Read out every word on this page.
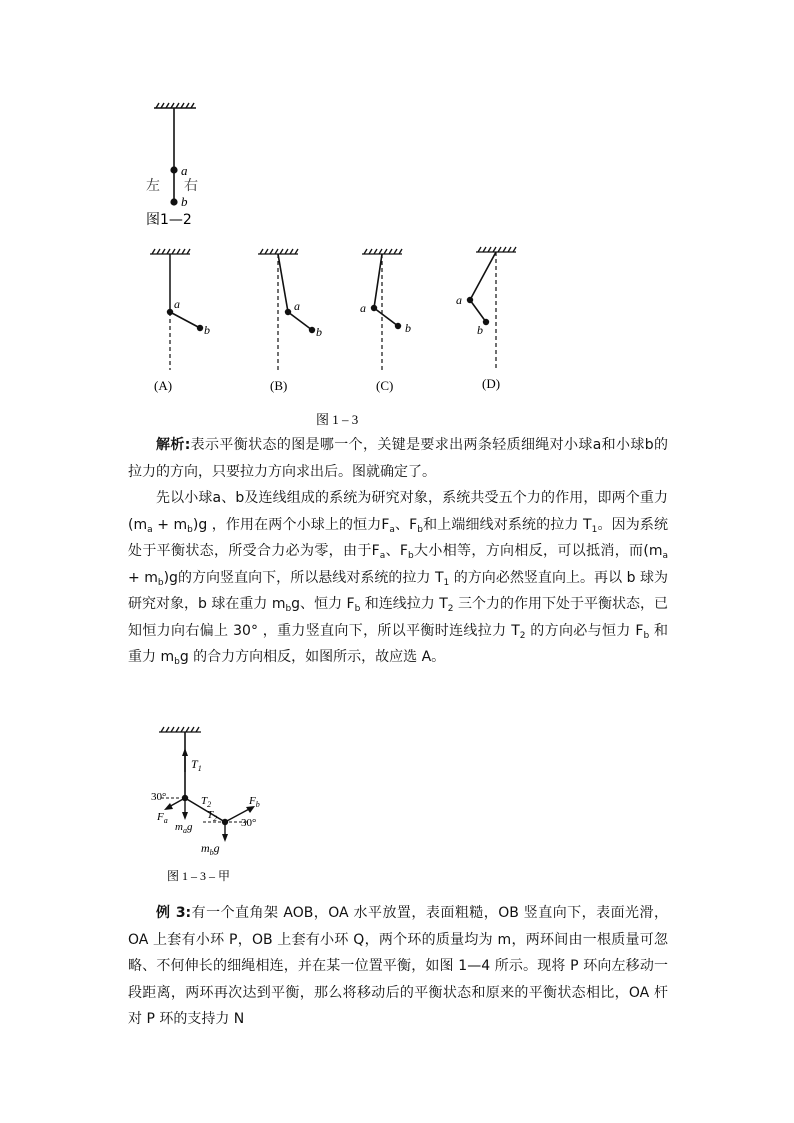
a
b
左 右
图1—2
a
b
(A)
a
b
(B)
a
b
(C)
a
b
(D)
图 1 – 3

解析:表示平衡状态的图是哪一个，关键是要求出两条轻质细绳对小球a和小球b的拉力的方向，只要拉力方向求出后。图就确定了。

先以小球a、b及连线组成的系统为研究对象，系统共受五个力的作用，即两个重力$(m_a + m_b)g$ ，作用在两个小球上的恒力$F_a$、$F_b$和上端细线对系统的拉力 $T_1$。因为系统处于平衡状态，所受合力必为零，由于$F_a$、$F_b$大小相等，方向相反，可以抵消，而$(m_a + m_b)g$的方向竖直向下，所以悬线对系统的拉力 $T_1$ 的方向必然竖直向上。再以 b 球为研究对象，b 球在重力 $m_bg$、恒力 $F_b$ 和连线拉力 $T_2$ 三个力的作用下处于平衡状态，已知恒力向右偏上 30° ，重力竖直向下，所以平衡时连线拉力 $T_2$ 的方向必与恒力 $F_b$ 和重力 $m_bg$ 的合力方向相反，如图所示，故应选 A。

$T_1$
$T_2$
$T_2$
30°
30°
$F_a$
$F_b$
$m_ag$
$m_bg$
图 1 – 3 – 甲

例 3:有一个直角架 AOB，OA 水平放置，表面粗糙，OB 竖直向下，表面光滑，OA 上套有小环 P，OB 上套有小环 Q，两个环的质量均为 m，两环间由一根质量可忽略、不何伸长的细绳相连，并在某一位置平衡，如图 1—4 所示。现将 P 环向左移动一段距离，两环再次达到平衡，那么将移动后的平衡状态和原来的平衡状态相比，OA 杆对 P 环的支持力 N
